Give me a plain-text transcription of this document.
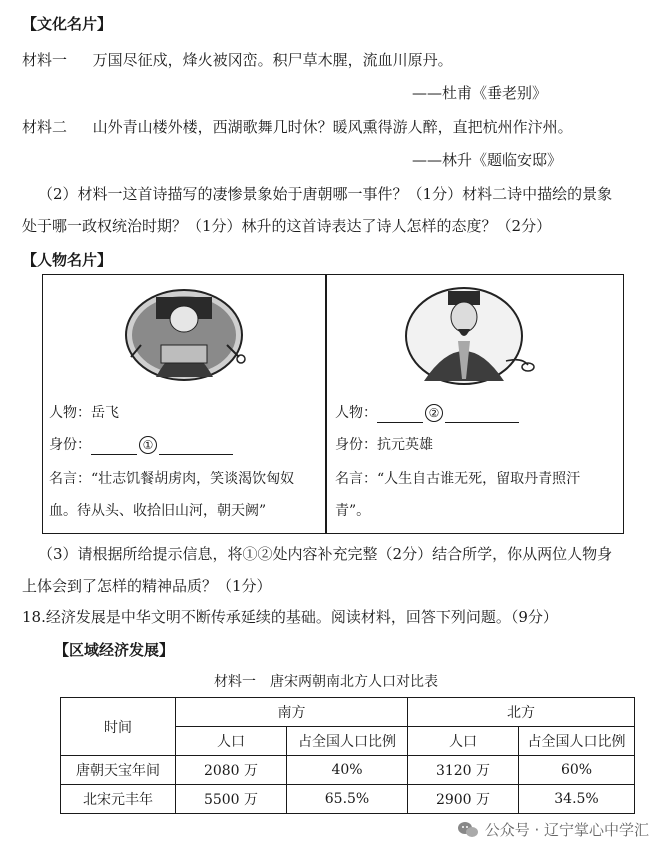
【文化名片】
材料一 万国尽征戍，烽火被冈峦。积尸草木腥，流血川原丹。
——杜甫《垂老别》
材料二 山外青山楼外楼，西湖歌舞几时休？暖风熏得游人醉，直把杭州作汴州。
——林升《题临安邸》
（2）材料一这首诗描写的凄惨景象始于唐朝哪一事件？（1分）材料二诗中描绘的景象
处于哪一政权统治时期？（1分）林升的这首诗表达了诗人怎样的态度？（2分）
【人物名片】
人物：岳飞
身份：	①
名言：“壮志饥餐胡虏肉，笑谈渴饮匈奴
血。待从头、收拾旧山河，朝天阙”
人物：	②
身份：抗元英雄
名言：“人生自古谁无死，留取丹青照汗
青”。
（3）请根据所给提示信息，将①②处内容补充完整（2分）结合所学，你从两位人物身
上体会到了怎样的精神品质？（1分）
18.经济发展是中华文明不断传承延续的基础。阅读材料，回答下列问题。（9分）
【区域经济发展】
材料一　唐宋两朝南北方人口对比表
时间	南方		北方	
	人口	占全国人口比例	人口	占全国人口比例
唐朝天宝年间	2080 万	40%	3120 万	60%
北宋元丰年	5500 万	65.5%	2900 万	34.5%
公众号 · 辽宁掌心中学汇
